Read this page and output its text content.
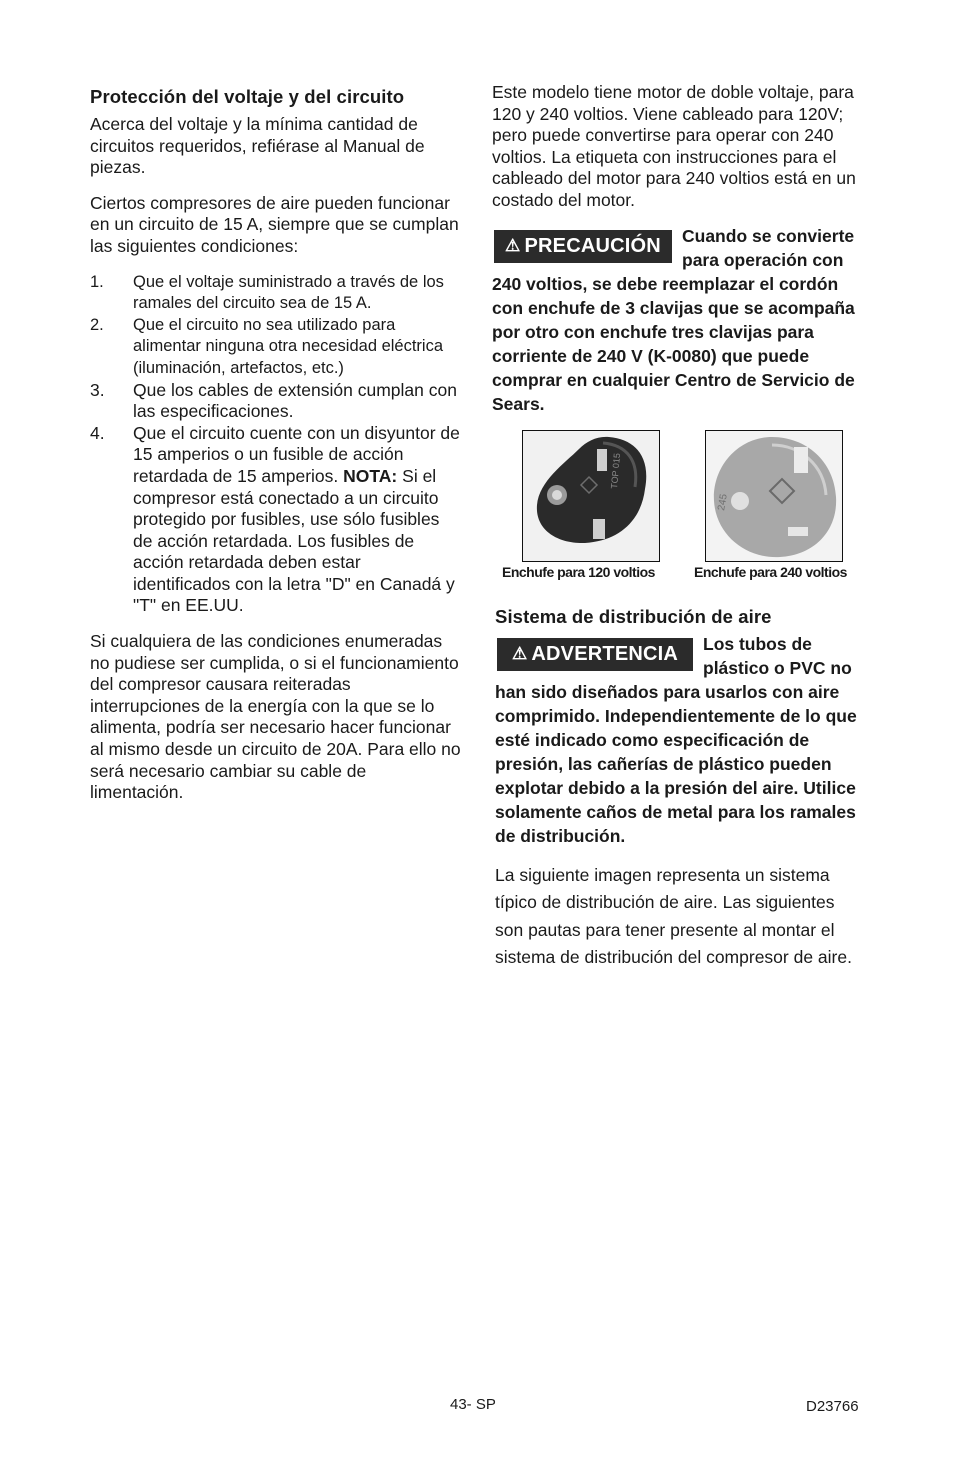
Protección del voltaje y del circuito

Acerca del voltaje y la mínima cantidad de circuitos requeridos, refiérase al Manual de piezas.

Ciertos compresores de aire pueden funcionar en un circuito de 15 A, siempre que se cumplan las siguientes condiciones:

1. Que el voltaje suministrado a través de los ramales del circuito sea de 15 A.
2. Que el circuito no sea utilizado para alimentar ninguna otra necesidad eléctrica (iluminación, artefactos, etc.)
3. Que los cables de extensión cumplan con las especificaciones.
4. Que el circuito cuente con un disyuntor de 15 amperios o un fusible de acción retardada de 15 amperios. NOTA: Si el compresor está conectado a un circuito protegido por fusibles, use sólo fusibles de acción retardada. Los fusibles de acción retardada deben estar identificados con la letra "D" en Canadá y "T" en EE.UU.

Si cualquiera de las condiciones enumeradas no pudiese ser cumplida, o si el funcionamiento del compresor causara reiteradas interrupciones de la energía con la que se lo alimenta, podría ser necesario hacer funcionar al mismo desde un circuito de 20A. Para ello no será necesario cambiar su cable de limentación.

Este modelo tiene motor de doble voltaje, para 120 y 240 voltios. Viene cableado para 120V; pero puede convertirse para operar con 240 voltios. La etiqueta con instrucciones para el cableado del motor para 240 voltios está en un costado del motor.

⚠ PRECAUCIÓN Cuando se convierte para operación con 240 voltios, se debe reemplazar el cordón con enchufe de 3 clavijas que se acompaña por otro con enchufe tres clavijas para corriente de 240 V (K-0080) que puede comprar en cualquier Centro de Servicio de Sears.
TOP 015
Enchufe para 120 voltios
245
Enchufe para 240 voltios
Sistema de distribución de aire
⚠ ADVERTENCIA Los tubos de plástico o PVC no han sido diseñados para usarlos con aire comprimido. Independientemente de lo que esté indicado como especificación de presión, las cañerías de plástico pueden explotar debido a la presión del aire. Utilice solamente caños de metal para los ramales de distribución.

La siguiente imagen representa un sistema típico de distribución de aire. Las siguientes son pautas para tener presente al montar el sistema de distribución del compresor de aire.

43- SP	D23766
